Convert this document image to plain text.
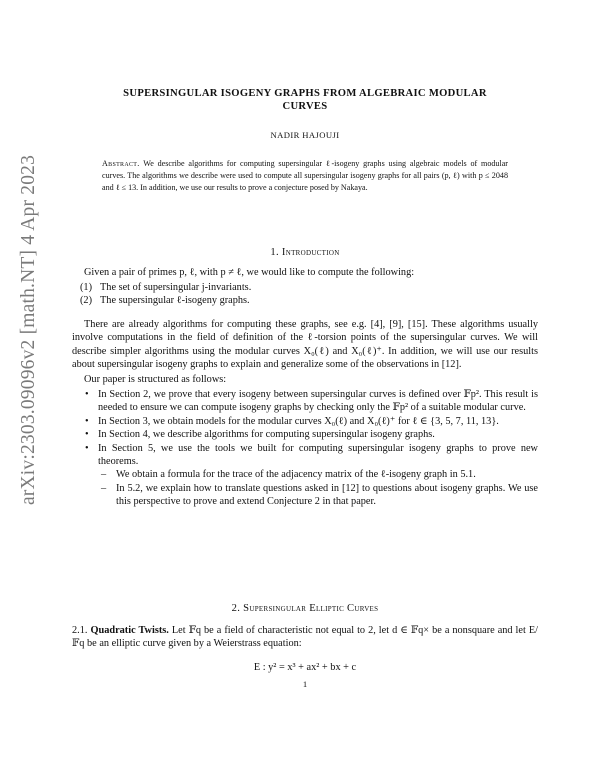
arXiv:2303.09096v2 [math.NT] 4 Apr 2023
SUPERSINGULAR ISOGENY GRAPHS FROM ALGEBRAIC MODULAR
CURVES
NADIR HAJOUJI
Abstract. We describe algorithms for computing supersingular ℓ-isogeny graphs using algebraic models of modular curves. The algorithms we describe were used to compute all supersingular isogeny graphs for all pairs (p, ℓ) with p ≤ 2048 and ℓ ≤ 13. In addition, we use our results to prove a conjecture posed by Nakaya.
1. Introduction
Given a pair of primes p, ℓ, with p ≠ ℓ, we would like to compute the following:
(1) The set of supersingular j-invariants.
(2) The supersingular ℓ-isogeny graphs.
There are already algorithms for computing these graphs, see e.g. [4], [9], [15]. These algorithms usually involve computations in the field of definition of the ℓ-torsion points of the supersingular curves. We will describe simpler algorithms using the modular curves X₀(ℓ) and X₀(ℓ)⁺. In addition, we will use our results about supersingular isogeny graphs to explain and generalize some of the observations in [12].
Our paper is structured as follows:
• In Section 2, we prove that every isogeny between supersingular curves is defined over 𝔽p². This result is needed to ensure we can compute isogeny graphs by checking only the 𝔽p² of a suitable modular curve.
• In Section 3, we obtain models for the modular curves X₀(ℓ) and X₀(ℓ)⁺ for ℓ ∈ {3, 5, 7, 11, 13}.
• In Section 4, we describe algorithms for computing supersingular isogeny graphs.
• In Section 5, we use the tools we built for computing supersingular isogeny graphs to prove new theorems.
– We obtain a formula for the trace of the adjacency matrix of the ℓ-isogeny graph in 5.1.
– In 5.2, we explain how to translate questions asked in [12] to questions about isogeny graphs. We use this perspective to prove and extend Conjecture 2 in that paper.
2. Supersingular Elliptic Curves
2.1. Quadratic Twists. Let 𝔽q be a field of characteristic not equal to 2, let d ∈ 𝔽q× be a nonsquare and let E/𝔽q be an elliptic curve given by a Weierstrass equation:
E : y² = x³ + ax² + bx + c
1
